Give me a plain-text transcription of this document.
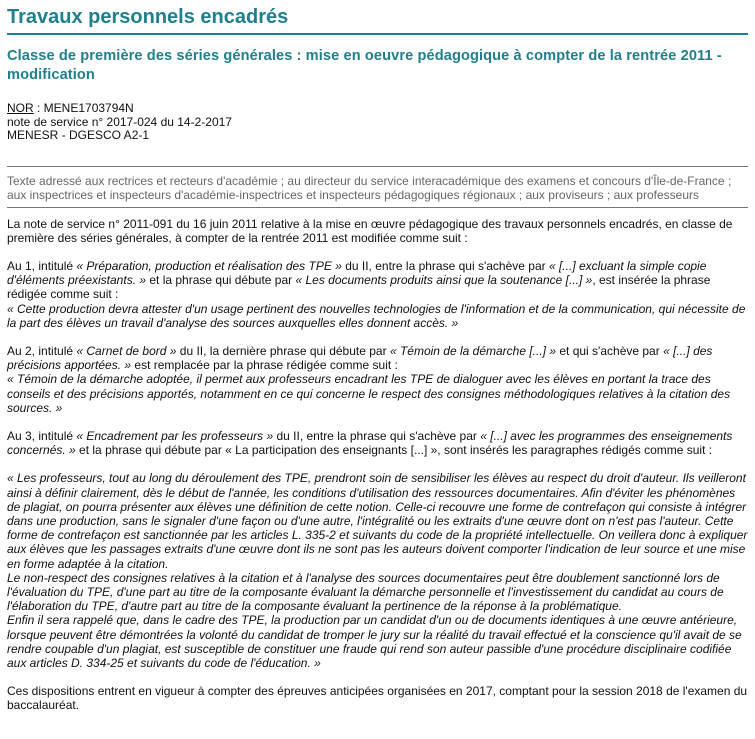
Travaux personnels encadrés
Classe de première des séries générales : mise en oeuvre pédagogique à compter de la rentrée 2011 - modification
NOR : MENE1703794N
note de service n° 2017-024 du 14-2-2017
MENESR - DGESCO A2-1
Texte adressé aux rectrices et recteurs d'académie ; au directeur du service interacadémique des examens et concours d'Île-de-France ; aux inspectrices et inspecteurs d'académie-inspectrices et inspecteurs pédagogiques régionaux ; aux proviseurs ; aux professeurs

La note de service n° 2011-091 du 16 juin 2011 relative à la mise en œuvre pédagogique des travaux personnels encadrés, en classe de première des séries générales, à compter de la rentrée 2011 est modifiée comme suit :

Au 1, intitulé « Préparation, production et réalisation des TPE » du II, entre la phrase qui s'achève par « [...] excluant la simple copie d'éléments préexistants. » et la phrase qui débute par « Les documents produits ainsi que la soutenance [...] », est insérée la phrase rédigée comme suit :
« Cette production devra attester d'un usage pertinent des nouvelles technologies de l'information et de la communication, qui nécessite de la part des élèves un travail d'analyse des sources auxquelles elles donnent accès. »

Au 2, intitulé « Carnet de bord » du II, la dernière phrase qui débute par « Témoin de la démarche [...] » et qui s'achève par « [...] des précisions apportées. » est remplacée par la phrase rédigée comme suit :
« Témoin de la démarche adoptée, il permet aux professeurs encadrant les TPE de dialoguer avec les élèves en portant la trace des conseils et des précisions apportés, notamment en ce qui concerne le respect des consignes méthodologiques relatives à la citation des sources. »

Au 3, intitulé « Encadrement par les professeurs » du II, entre la phrase qui s'achève par « [...] avec les programmes des enseignements concernés. » et la phrase qui débute par « La participation des enseignants [...] », sont insérés les paragraphes rédigés comme suit :

« Les professeurs, tout au long du déroulement des TPE, prendront soin de sensibiliser les élèves au respect du droit d'auteur. Ils veilleront ainsi à définir clairement, dès le début de l'année, les conditions d'utilisation des ressources documentaires. Afin d'éviter les phénomènes de plagiat, on pourra présenter aux élèves une définition de cette notion. Celle-ci recouvre une forme de contrefaçon qui consiste à intégrer dans une production, sans le signaler d'une façon ou d'une autre, l'intégralité ou les extraits d'une œuvre dont on n'est pas l'auteur. Cette forme de contrefaçon est sanctionnée par les articles L. 335-2 et suivants du code de la propriété intellectuelle. On veillera donc à expliquer aux élèves que les passages extraits d'une œuvre dont ils ne sont pas les auteurs doivent comporter l'indication de leur source et une mise en forme adaptée à la citation.
Le non-respect des consignes relatives à la citation et à l'analyse des sources documentaires peut être doublement sanctionné lors de l'évaluation du TPE, d'une part au titre de la composante évaluant la démarche personnelle et l'investissement du candidat au cours de l'élaboration du TPE, d'autre part au titre de la composante évaluant la pertinence de la réponse à la problématique.
Enfin il sera rappelé que, dans le cadre des TPE, la production par un candidat d'un ou de documents identiques à une œuvre antérieure, lorsque peuvent être démontrées la volonté du candidat de tromper le jury sur la réalité du travail effectué et la conscience qu'il avait de se rendre coupable d'un plagiat, est susceptible de constituer une fraude qui rend son auteur passible d'une procédure disciplinaire codifiée aux articles D. 334-25 et suivants du code de l'éducation. »

Ces dispositions entrent en vigueur à compter des épreuves anticipées organisées en 2017, comptant pour la session 2018 de l'examen du baccalauréat.
